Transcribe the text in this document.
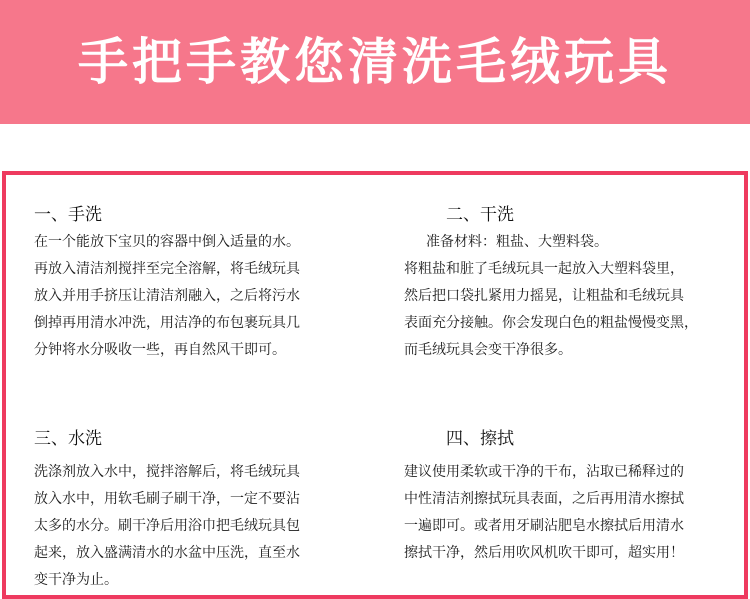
手把手教您清洗毛绒玩具
一、手洗
在一个能放下宝贝的容器中倒入适量的水。
再放入清洁剂搅拌至完全溶解，将毛绒玩具
放入并用手挤压让清洁剂融入，之后将污水
倒掉再用清水冲洗，用洁净的布包裹玩具几
分钟将水分吸收一些，再自然风干即可。
二、干洗
准备材料：粗盐、大塑料袋。
将粗盐和脏了毛绒玩具一起放入大塑料袋里，
然后把口袋扎紧用力摇晃，让粗盐和毛绒玩具
表面充分接触。你会发现白色的粗盐慢慢变黑，
而毛绒玩具会变干净很多。
三、水洗
洗涤剂放入水中，搅拌溶解后，将毛绒玩具
放入水中，用软毛刷子刷干净，一定不要沾
太多的水分。刷干净后用浴巾把毛绒玩具包
起来，放入盛满清水的水盆中压洗，直至水
变干净为止。
四、擦拭
建议使用柔软或干净的干布，沾取已稀释过的
中性清洁剂擦拭玩具表面，之后再用清水擦拭
一遍即可。或者用牙刷沾肥皂水擦拭后用清水
擦拭干净，然后用吹风机吹干即可，超实用！
